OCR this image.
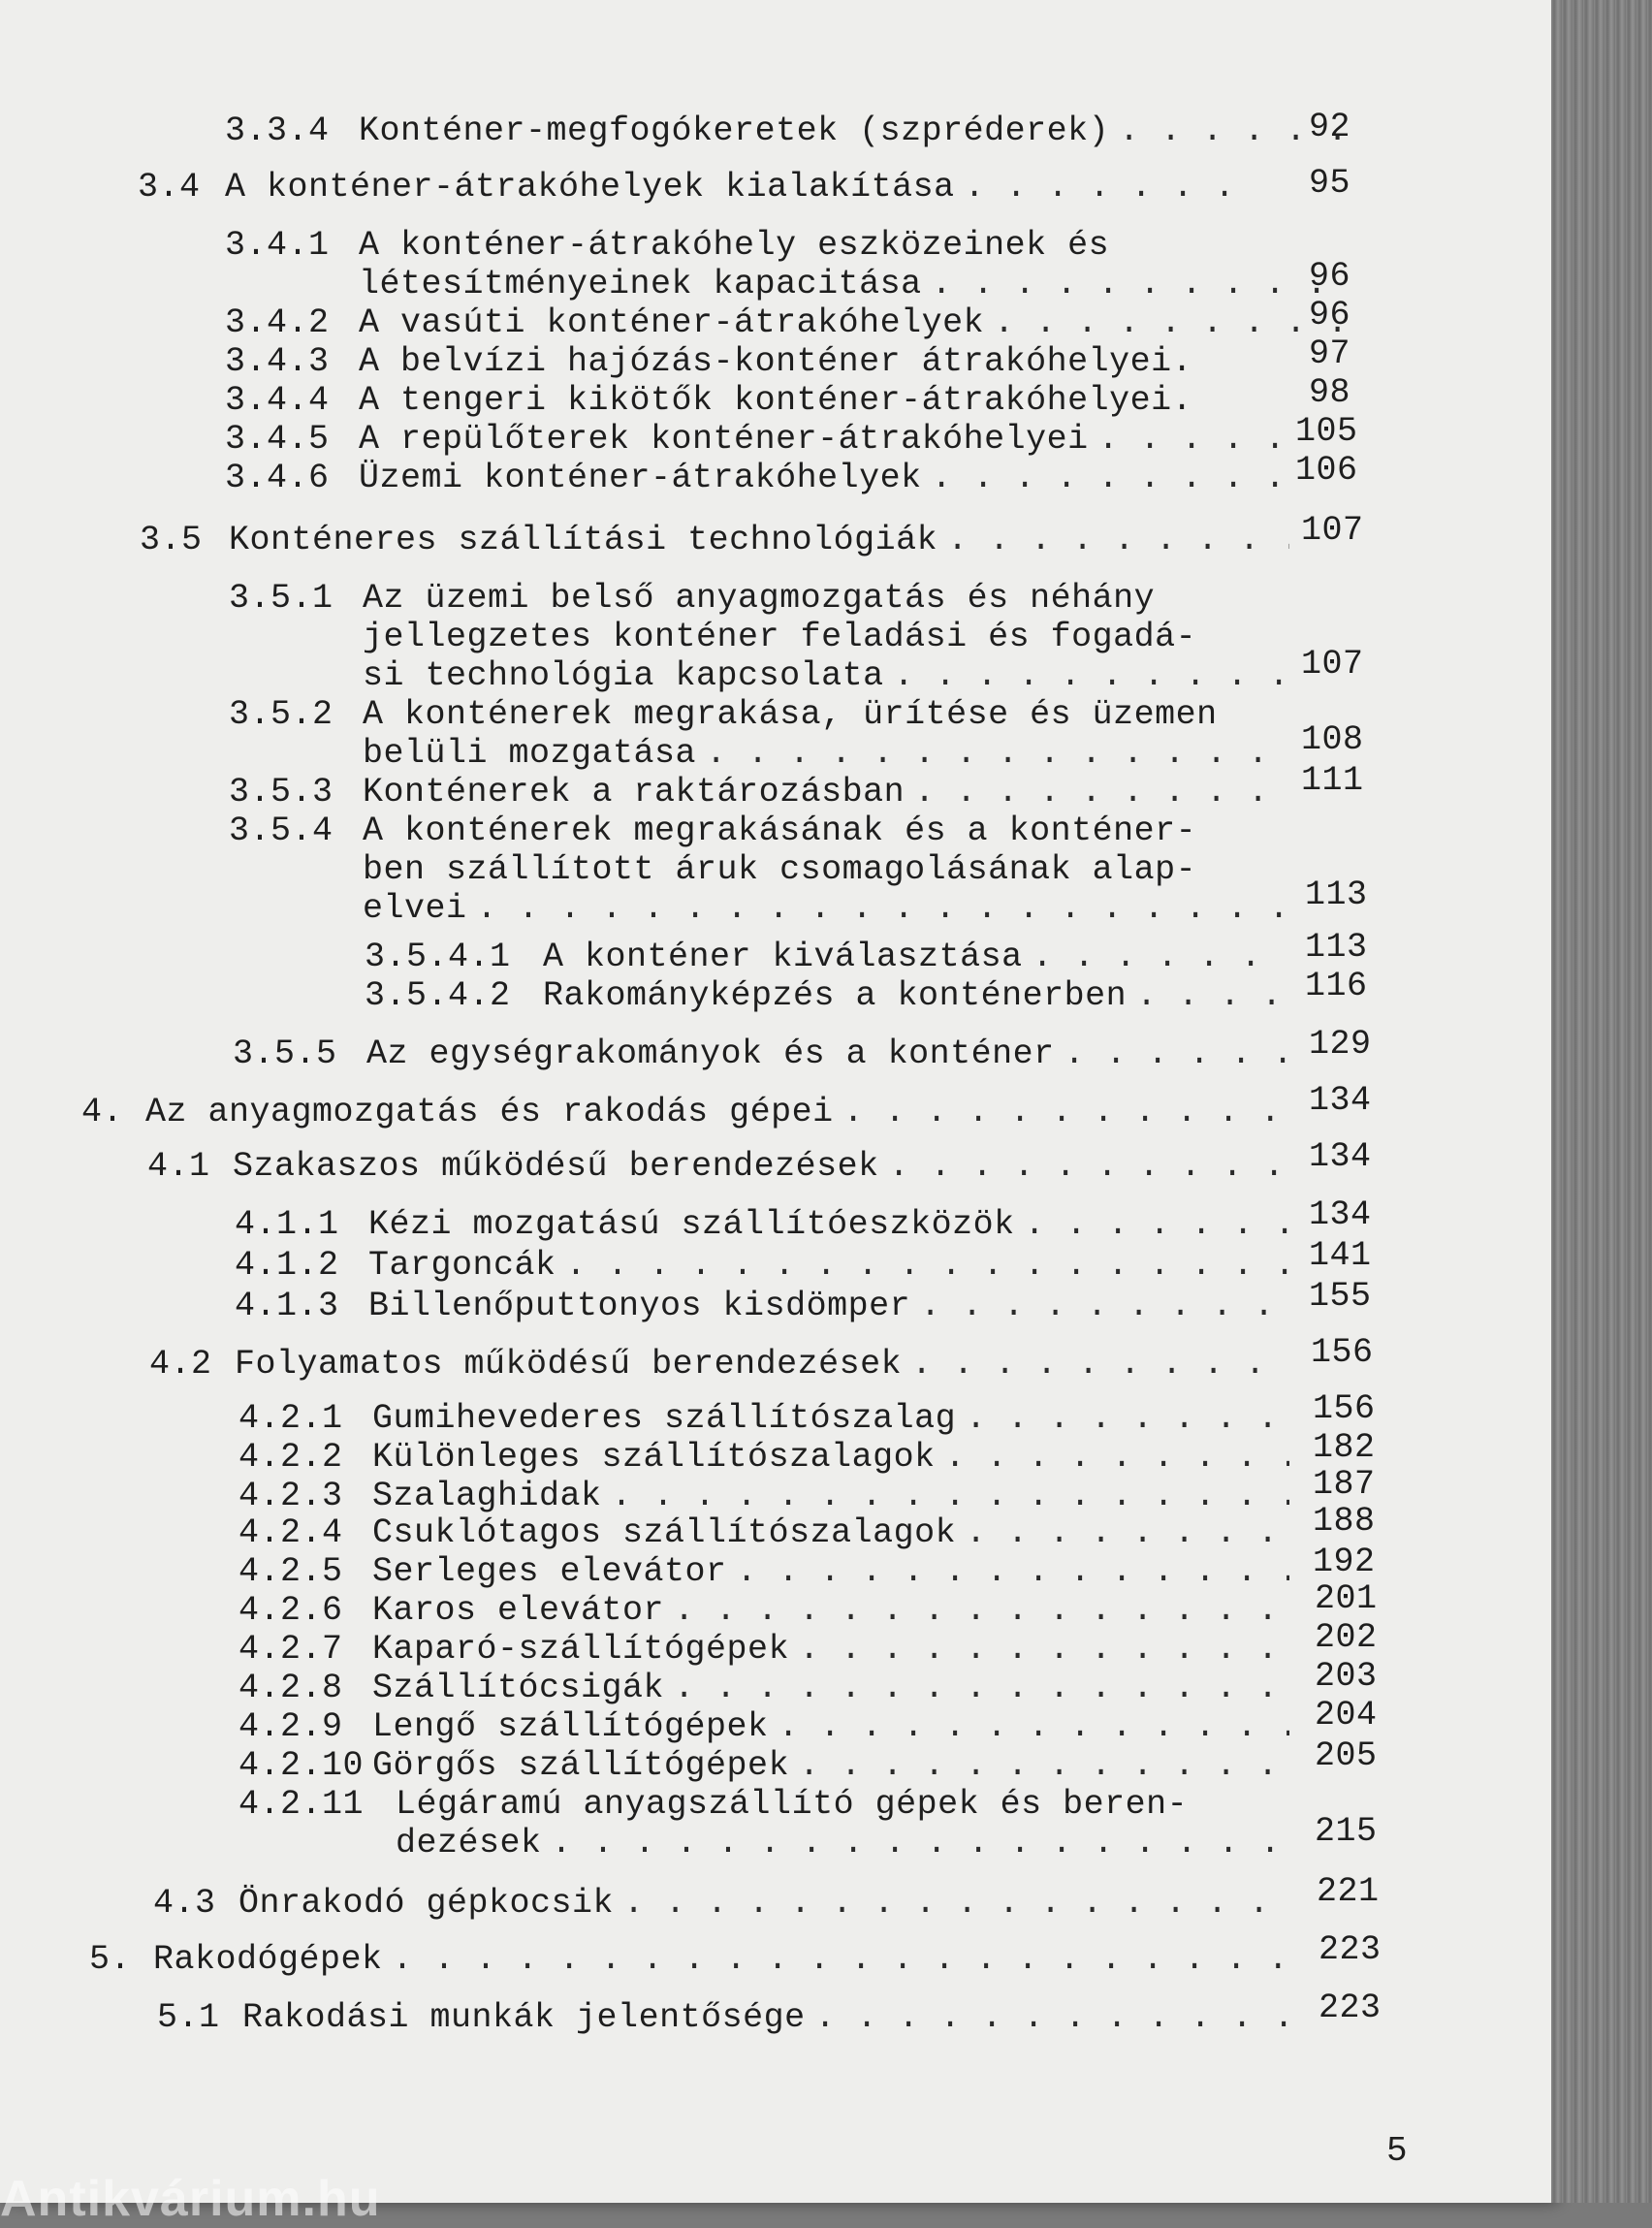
3.3.4 Konténer-megfogókeretek (szpréderek) . . .	92
3.4 A konténer-átrakóhelyek kialakítása . . .	95
3.4.1 A konténer-átrakóhely eszközeinek és
létesítményeinek kapacitása . . .	96
3.4.2 A vasúti konténer-átrakóhelyek . . .	96
3.4.3 A belvízi hajózás-konténer átrakóhelyei.	97
3.4.4 A tengeri kikötők konténer-átrakóhelyei.	98
3.4.5 A repülőterek konténer-átrakóhelyei . . .	105
3.4.6 Üzemi konténer-átrakóhelyek . . .	106
3.5 Konténeres szállítási technológiák . . .	107
3.5.1 Az üzemi belső anyagmozgatás és néhány
jellegzetes konténer feladási és fogadá-
si technológia kapcsolata . . .	107
3.5.2 A konténerek megrakása, ürítése és üzemen
belüli mozgatása . . .	108
3.5.3 Konténerek a raktározásban . . .	111
3.5.4 A konténerek megrakásának és a konténer-
ben szállított áruk csomagolásának alap-
elvei . . .	113
3.5.4.1 A konténer kiválasztása . . .	113
3.5.4.2 Rakományképzés a konténerben . . .	116
3.5.5 Az egységrakományok és a konténer . . .	129
4. Az anyagmozgatás és rakodás gépei . . .	134
4.1 Szakaszos működésű berendezések . . .	134
4.1.1 Kézi mozgatású szállítóeszközök . . .	134
4.1.2 Targoncák . . .	141
4.1.3 Billenőputtonyos kisdömper . . .	155
4.2 Folyamatos működésű berendezések . . .	156
4.2.1 Gumihevederes szállítószalag . . .	156
4.2.2 Különleges szállítószalagok . . .	182
4.2.3 Szalaghidak . . .	187
4.2.4 Csuklótagos szállítószalagok . . .	188
4.2.5 Serleges elevátor . . .	192
4.2.6 Karos elevátor . . .	201
4.2.7 Kaparó-szállítógépek . . .	202
4.2.8 Szállítócsigák . . .	203
4.2.9 Lengő szállítógépek . . .	204
4.2.10 Görgős szállítógépek . . .	205
4.2.11 Légáramú anyagszállító gépek és beren-
dezések . . .	215
4.3 Önrakodó gépkocsik . . .	221
5. Rakodógépek . . .	223
5.1 Rakodási munkák jelentősége . . .	223
5
Antikvárium.hu
